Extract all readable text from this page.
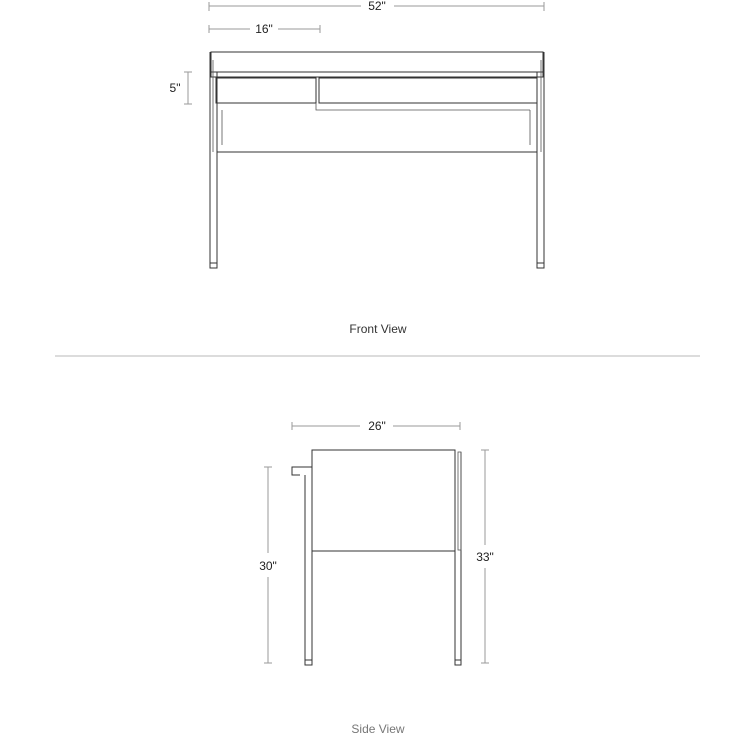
52"
16"
5"
Front View
26"
30"
33"
Side View
